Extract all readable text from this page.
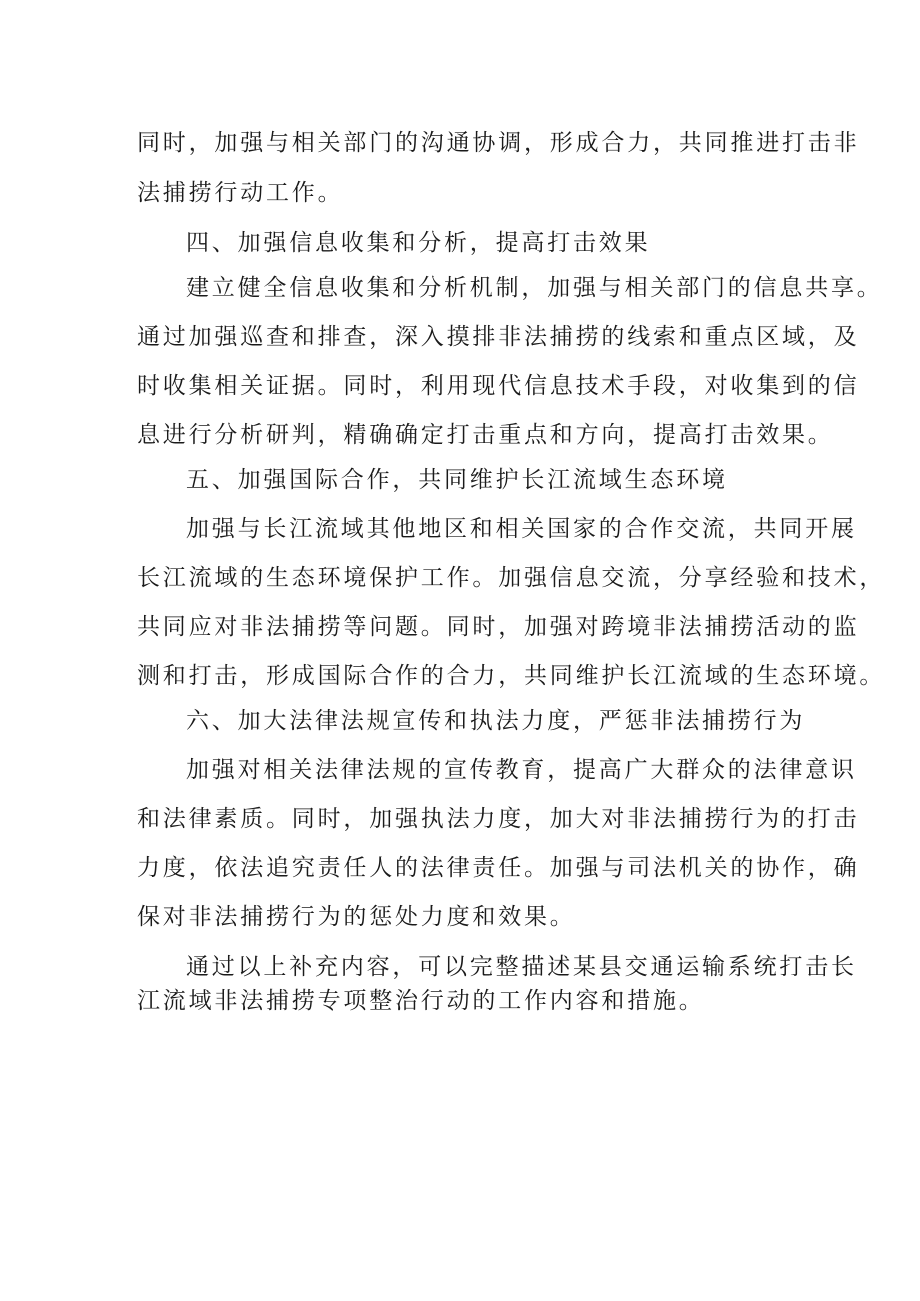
同时，加强与相关部门的沟通协调，形成合力，共同推进打击非
法捕捞行动工作。
四、加强信息收集和分析，提高打击效果
建立健全信息收集和分析机制，加强与相关部门的信息共享。
通过加强巡查和排查，深入摸排非法捕捞的线索和重点区域，及
时收集相关证据。同时，利用现代信息技术手段，对收集到的信
息进行分析研判，精确确定打击重点和方向，提高打击效果。
五、加强国际合作，共同维护长江流域生态环境
加强与长江流域其他地区和相关国家的合作交流，共同开展
长江流域的生态环境保护工作。加强信息交流，分享经验和技术，
共同应对非法捕捞等问题。同时，加强对跨境非法捕捞活动的监
测和打击，形成国际合作的合力，共同维护长江流域的生态环境。
六、加大法律法规宣传和执法力度，严惩非法捕捞行为
加强对相关法律法规的宣传教育，提高广大群众的法律意识
和法律素质。同时，加强执法力度，加大对非法捕捞行为的打击
力度，依法追究责任人的法律责任。加强与司法机关的协作，确
保对非法捕捞行为的惩处力度和效果。
通过以上补充内容，可以完整描述某县交通运输系统打击长
江流域非法捕捞专项整治行动的工作内容和措施。
